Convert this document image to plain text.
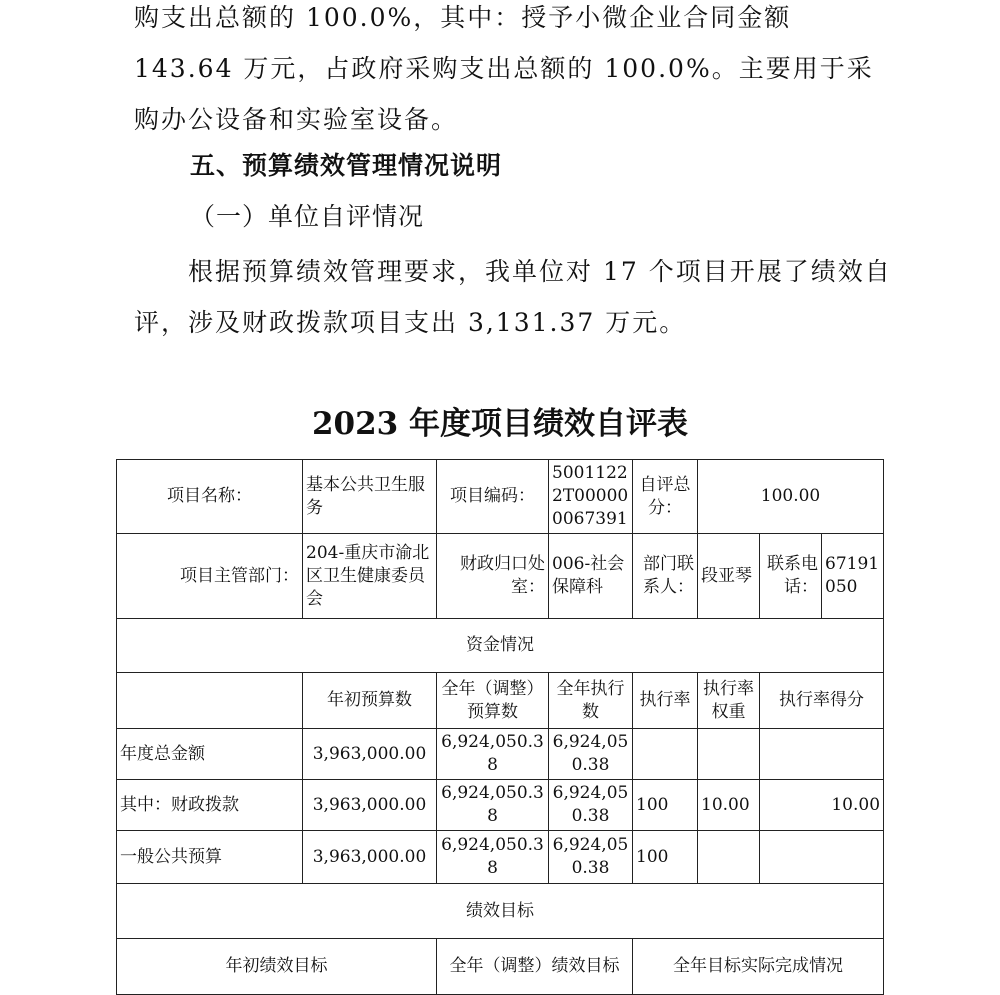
购支出总额的 100.0%，其中：授予小微企业合同金额 143.64 万元，占政府采购支出总额的 100.0%。主要用于采购办公设备和实验室设备。

五、预算绩效管理情况说明

（一）单位自评情况

根据预算绩效管理要求，我单位对 17 个项目开展了绩效自评，涉及财政拨款项目支出 3,131.37 万元。

2023 年度项目绩效自评表

项目名称：	基本公共卫生服务	项目编码：	50011222T000000067391	自评总分：	100.00		
项目主管部门：	204-重庆市渝北区卫生健康委员会	财政归口处室：	006-社会保障科	部门联系人：	段亚琴	联系电话：	67191050
资金情况							
	年初预算数	全年（调整）预算数	全年执行数	执行率	执行率权重	执行率得分	
年度总金额	3,963,000.00	6,924,050.38	6,924,050.38				
其中：财政拨款	3,963,000.00	6,924,050.38	6,924,050.38	100	10.00	10.00	
一般公共预算	3,963,000.00	6,924,050.38	6,924,050.38	100			
绩效目标							
年初绩效目标		全年（调整）绩效目标		全年目标实际完成情况			
